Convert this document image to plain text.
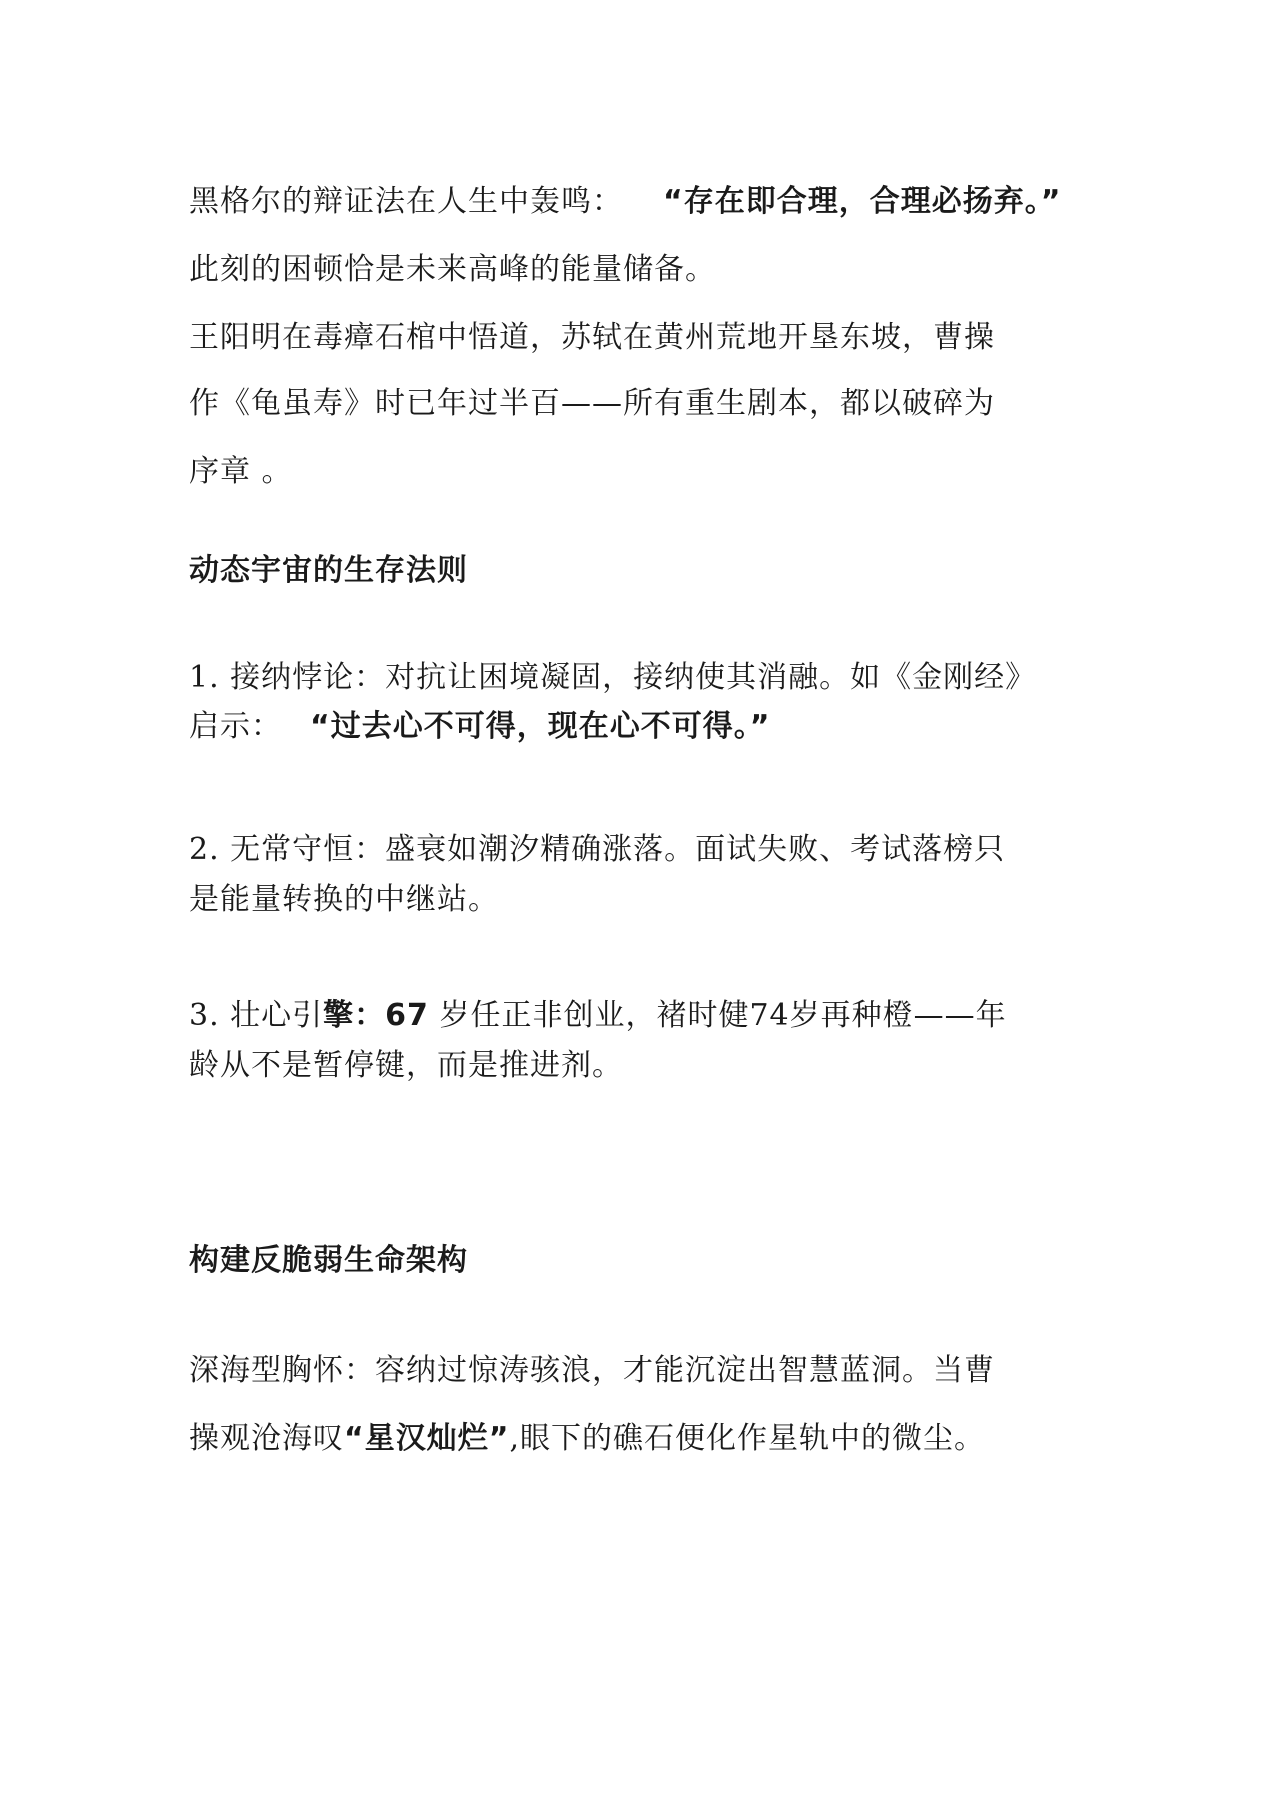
黑格尔的辩证法在人生中轰鸣： “存在即合理，合理必扬弃。”
此刻的困顿恰是未来高峰的能量储备。
王阳明在毒瘴石棺中悟道，苏轼在黄州荒地开垦东坡，曹操
作《龟虽寿》时已年过半百——所有重生剧本，都以破碎为
序章 。
动态宇宙的生存法则
1. 接纳悖论：对抗让困境凝固，接纳使其消融。如《金刚经》
启示： “过去心不可得，现在心不可得。”
2. 无常守恒：盛衰如潮汐精确涨落。面试失败、考试落榜只
是能量转换的中继站。
3. 壮心引擎：67 岁任正非创业，褚时健74岁再种橙——年
龄从不是暂停键，而是推进剂。
构建反脆弱生命架构
深海型胸怀：容纳过惊涛骇浪，才能沉淀出智慧蓝洞。当曹
操观沧海叹“星汉灿烂”,眼下的礁石便化作星轨中的微尘。
